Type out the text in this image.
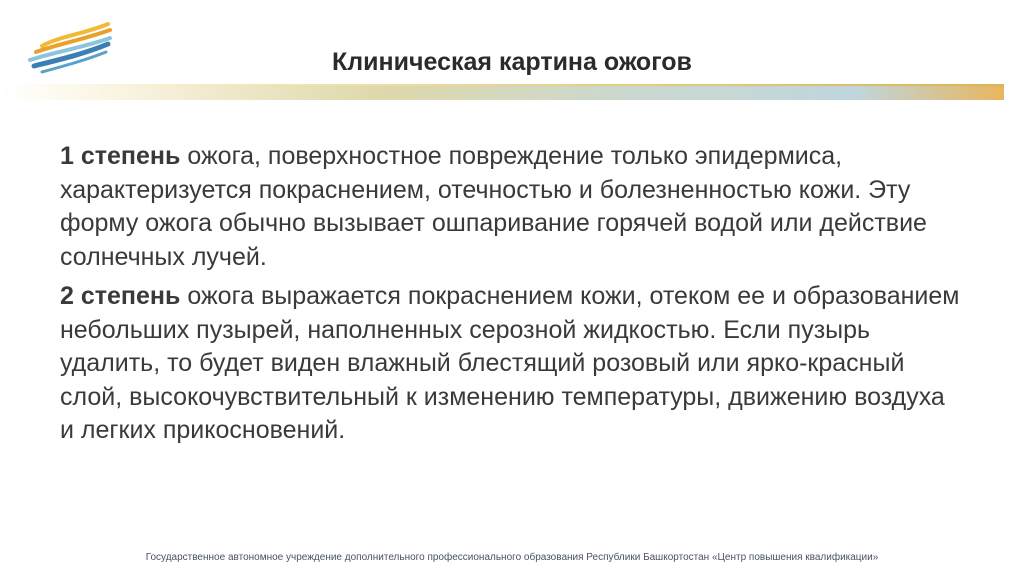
Клиническая картина ожогов

1 степень ожога, поверхностное повреждение только эпидермиса, характеризуется покраснением, отечностью и болезненностью кожи. Эту форму ожога обычно вызывает ошпаривание горячей водой или действие солнечных лучей.

2 степень ожога выражается покраснением кожи, отеком ее и образованием небольших пузырей, наполненных серозной жидкостью. Если пузырь удалить, то будет виден влажный блестящий розовый или ярко-красный слой, высокочувствительный к изменению температуры, движению воздуха и легких прикосновений.

Государственное автономное учреждение дополнительного профессионального образования Республики Башкортостан «Центр повышения квалификации»
